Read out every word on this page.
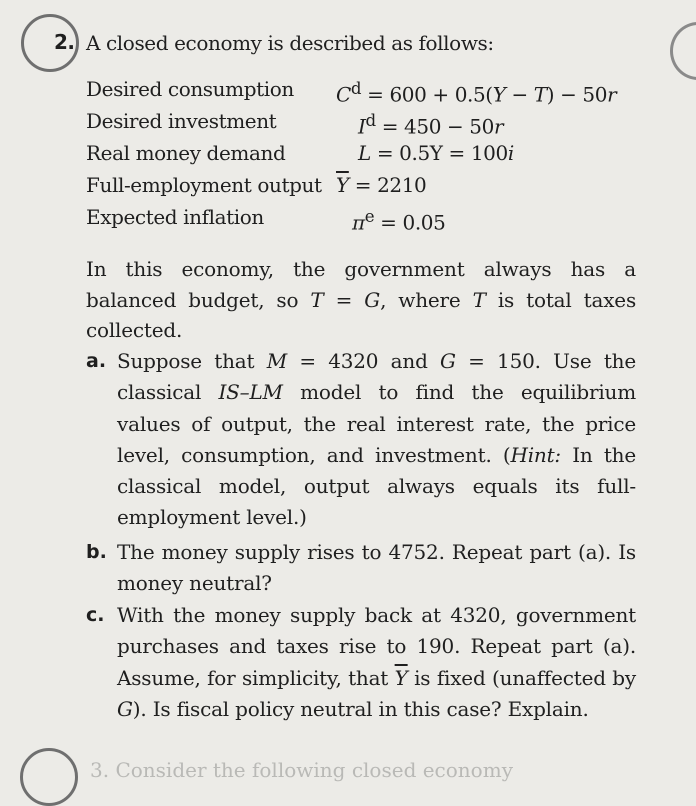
2. A closed economy is described as follows:
Desired consumption $C^d = 600 + 0.5(Y - T) - 50r$
Desired investment	$I^d = 450 - 50r$
Real money demand	L = 0.5Y = 100i
Full-employment output $\overline{Y} = 2210$
Expected inflation	$\pi^e = 0.05$
In this economy, the government always has a balanced budget, so T = G, where T is total taxes collected.
a. Suppose that M = 4320 and G = 150. Use the classical IS–LM model to find the equilibrium values of output, the real interest rate, the price level, consumption, and investment. (Hint: In the classical model, output always equals its full-employment level.)
b. The money supply rises to 4752. Repeat part (a). Is money neutral?
c. With the money supply back at 4320, government purchases and taxes rise to 190. Repeat part (a). Assume, for simplicity, that $\overline{Y}$ is fixed (unaffected by G). Is fiscal policy neutral in this case? Explain.
3. Consider the following closed economy
